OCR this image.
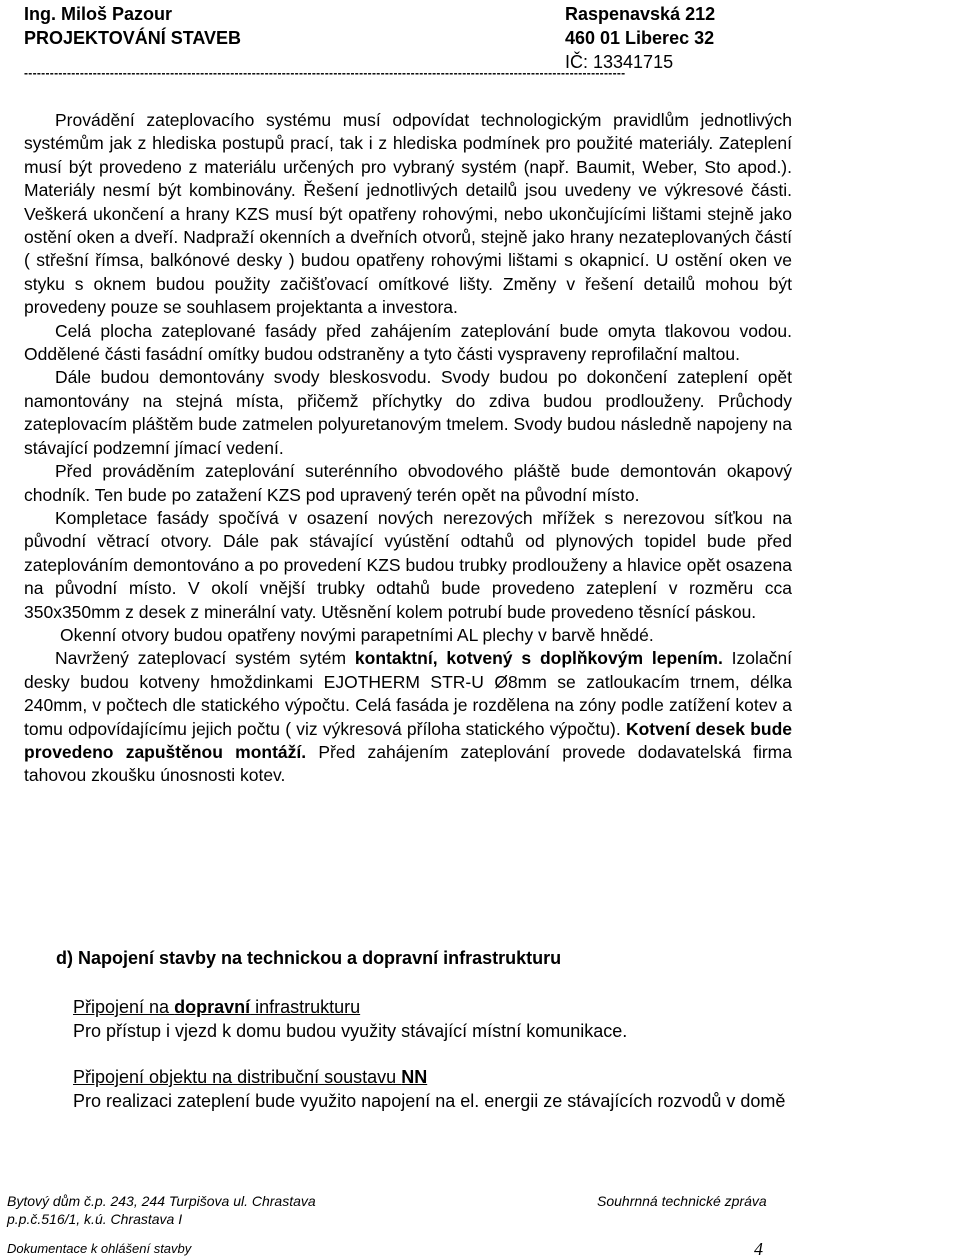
Ing. Miloš Pazour
PROJEKTOVÁNÍ STAVEB
Raspenavská 212
460 01 Liberec 32
IČ: 13341715
--------------------------------------------------------------------------------------------------------------------------------------------

Provádění zateplovacího systému musí odpovídat technologickým pravidlům jednotlivých systémům jak z hlediska postupů prací, tak i z hlediska podmínek pro použité materiály. Zateplení musí být provedeno z materiálu určených pro vybraný systém (např. Baumit, Weber, Sto apod.). Materiály nesmí být kombinovány. Řešení jednotlivých detailů jsou uvedeny ve výkresové části. Veškerá ukončení a hrany KZS musí být opatřeny rohovými, nebo ukončujícími lištami stejně jako ostění oken a dveří. Nadpraží okenních a dveřních otvorů, stejně jako hrany nezateplovaných částí ( střešní římsa, balkónové desky ) budou opatřeny rohovými lištami s okapnicí. U ostění oken ve styku s oknem budou použity začišťovací omítkové lišty. Změny v řešení detailů mohou být provedeny pouze se souhlasem projektanta a investora.

Celá plocha zateplované fasády před zahájením zateplování bude omyta tlakovou vodou. Oddělené části fasádní omítky budou odstraněny a tyto části vyspraveny reprofilační maltou.

Dále budou demontovány svody bleskosvodu. Svody budou po dokončení zateplení opět namontovány na stejná místa, přičemž příchytky do zdiva budou prodlouženy. Průchody zateplovacím pláštěm bude zatmelen polyuretanovým tmelem. Svody budou následně napojeny na stávající podzemní jímací vedení.

Před prováděním zateplování suterénního obvodového pláště bude demontován okapový chodník. Ten bude po zatažení KZS pod upravený terén opět na původní místo.

Kompletace fasády spočívá v osazení nových nerezových mřížek s nerezovou síťkou na původní větrací otvory. Dále pak stávající vyústění odtahů od plynových topidel bude před zateplováním demontováno a po provedení KZS budou trubky prodlouženy a hlavice opět osazena na původní místo. V okolí vnější trubky odtahů bude provedeno zateplení v rozměru cca 350x350mm z desek z minerální vaty. Utěsnění kolem potrubí bude provedeno těsnící páskou.

Okenní otvory budou opatřeny novými parapetními AL plechy v barvě hnědé.

Navržený zateplovací systém sytém kontaktní, kotvený s doplňkovým lepením. Izolační desky budou kotveny hmoždinkami EJOTHERM STR-U Ø8mm se zatloukacím trnem, délka 240mm, v počtech dle statického výpočtu. Celá fasáda je rozdělena na zóny podle zatížení kotev a tomu odpovídajícímu jejich počtu ( viz výkresová příloha statického výpočtu). Kotvení desek bude provedeno zapuštěnou montáží. Před zahájením zateplování provede dodavatelská firma tahovou zkoušku únosnosti kotev.

d) Napojení stavby na technickou a dopravní infrastrukturu
Připojení na dopravní infrastrukturu
Pro přístup i vjezd k domu budou využity stávající místní komunikace.
Připojení objektu na distribuční soustavu NN
Pro realizaci zateplení bude využito napojení na el. energii ze stávajících rozvodů v domě
Bytový dům č.p. 243, 244 Turpišova ul. Chrastava
p.p.č.516/1, k.ú. Chrastava I
Souhrnná technické zpráva
Dokumentace k ohlášení stavby	4
